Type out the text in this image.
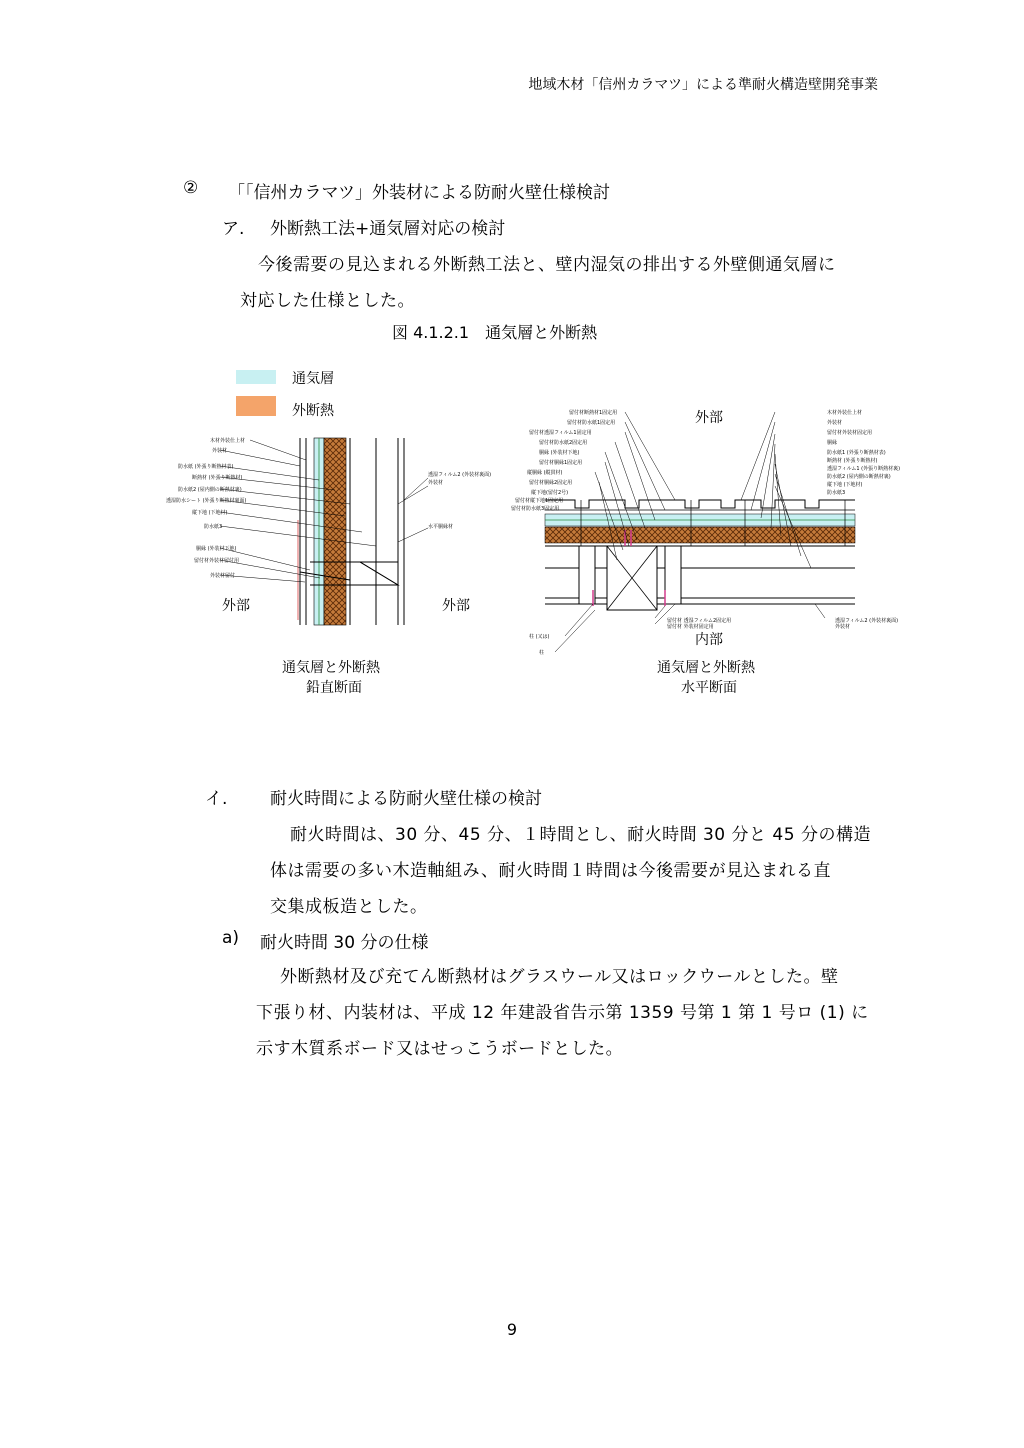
地域木材「信州カラマツ」による準耐火構造壁開発事業
② 「「信州カラマツ」外装材による防耐火壁仕様検討
ア. 外断熱工法+通気層対応の検討
今後需要の見込まれる外断熱工法と、壁内湿気の排出する外壁側通気層に
対応した仕様とした。
図 4.1.2.1　通気層と外断熱
通気層
外断熱
木材外装仕上材
外装材
防水紙 (外張り断熱材表)
断熱材 (外張り断熱材)
防水紙2 (屋内側の断熱材裏)
透湿防水シート (外張り断熱材裏面)
縦下地 (下地材)
防水紙3
胴縁 (外装材下地)
留付材外装材留付用
外装材留付
透湿フィルム2 (外装材裏面)
外装材
水平胴縁材
外部	外部
通気層と外断熱
鉛直断面
留付材断熱材1固定用
留付材防水紙1固定用
留付材透湿フィルム1固定用
留付材防水紙2固定用
胴縁 (外装材下地)
留付材胴縁1固定用
縦胴縁 (縦貫材)
留付材胴縁2固定用
縦下地(留付2号)
留付材縦下地1固定用
留付材防水紙3固定用
木材外装仕上材
外装材
留付材外装材固定用
胴縁
防水紙1 (外張り断熱材表)
断熱材 (外張り断熱材)
透湿フィルム1 (外張り断熱材裏)
防水紙2 (屋内側の断熱材裏)
縦下地 (下地材)
防水紙3
留付材 透湿フィルム2固定用
留付材 外装材固定用
透湿フィルム2 (外装材裏面)
外装材
柱 (又は)
柱
外部
内部
通気層と外断熱
水平断面
イ.	耐火時間による防耐火壁仕様の検討
耐火時間は、30 分、45 分、１時間とし、耐火時間 30 分と 45 分の構造
体は需要の多い木造軸組み、耐火時間１時間は今後需要が見込まれる直
交集成板造とした。
a) 耐火時間 30 分の仕様
外断熱材及び充てん断熱材はグラスウール又はロックウールとした。壁
下張り材、内装材は、平成 12 年建設省告示第 1359 号第 1 第 1 号ロ (1) に
示す木質系ボード又はせっこうボードとした。
9
